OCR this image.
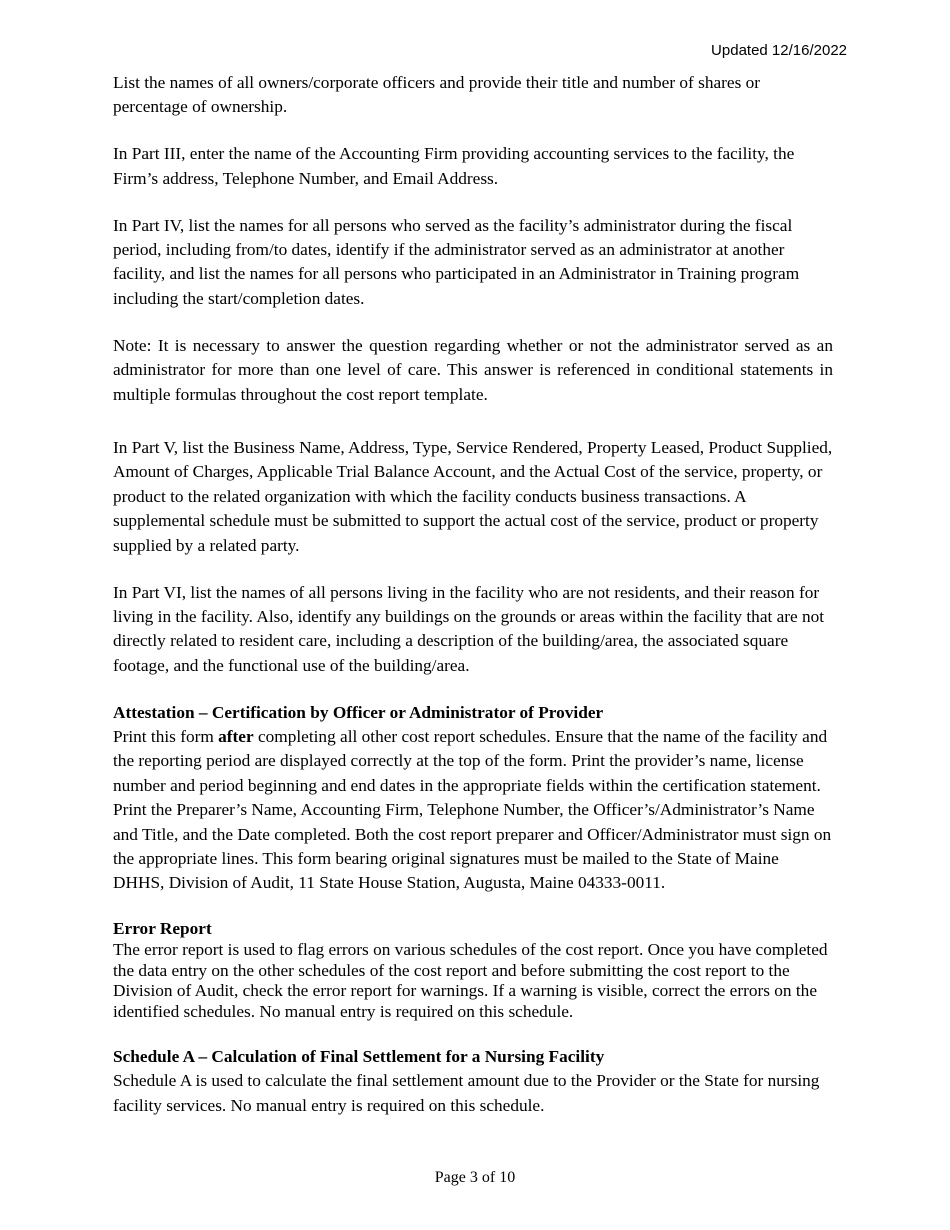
Updated 12/16/2022

List the names of all owners/corporate officers and provide their title and number of shares or percentage of ownership.

In Part III, enter the name of the Accounting Firm providing accounting services to the facility, the Firm’s address, Telephone Number, and Email Address.

In Part IV, list the names for all persons who served as the facility’s administrator during the fiscal period, including from/to dates, identify if the administrator served as an administrator at another facility, and list the names for all persons who participated in an Administrator in Training program including the start/completion dates.

Note: It is necessary to answer the question regarding whether or not the administrator served as an administrator for more than one level of care. This answer is referenced in conditional statements in multiple formulas throughout the cost report template.

In Part V, list the Business Name, Address, Type, Service Rendered, Property Leased, Product Supplied, Amount of Charges, Applicable Trial Balance Account, and the Actual Cost of the service, property, or product to the related organization with which the facility conducts business transactions. A supplemental schedule must be submitted to support the actual cost of the service, product or property supplied by a related party.

In Part VI, list the names of all persons living in the facility who are not residents, and their reason for living in the facility. Also, identify any buildings on the grounds or areas within the facility that are not directly related to resident care, including a description of the building/area, the associated square footage, and the functional use of the building/area.

Attestation – Certification by Officer or Administrator of Provider

Print this form after completing all other cost report schedules. Ensure that the name of the facility and the reporting period are displayed correctly at the top of the form. Print the provider’s name, license number and period beginning and end dates in the appropriate fields within the certification statement. Print the Preparer’s Name, Accounting Firm, Telephone Number, the Officer’s/Administrator’s Name and Title, and the Date completed. Both the cost report preparer and Officer/Administrator must sign on the appropriate lines. This form bearing original signatures must be mailed to the State of Maine DHHS, Division of Audit, 11 State House Station, Augusta, Maine 04333-0011.

Error Report

The error report is used to flag errors on various schedules of the cost report. Once you have completed the data entry on the other schedules of the cost report and before submitting the cost report to the Division of Audit, check the error report for warnings. If a warning is visible, correct the errors on the identified schedules. No manual entry is required on this schedule.

Schedule A – Calculation of Final Settlement for a Nursing Facility

Schedule A is used to calculate the final settlement amount due to the Provider or the State for nursing facility services. No manual entry is required on this schedule.

Page 3 of 10
